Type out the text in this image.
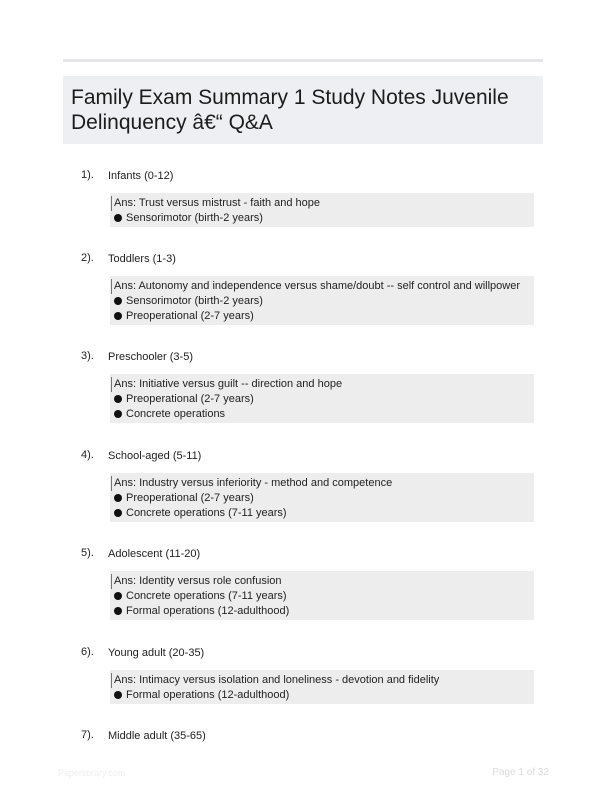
Family Exam Summary 1 Study Notes Juvenile Delinquency â€“ Q&A
1). Infants (0-12)
Ans: Trust versus mistrust - faith and hope
Sensorimotor (birth-2 years)
2). Toddlers (1-3)
Ans: Autonomy and independence versus shame/doubt -- self control and willpower
Sensorimotor (birth-2 years)
Preoperational (2-7 years)
3). Preschooler (3-5)
Ans: Initiative versus guilt -- direction and hope
Preoperational (2-7 years)
Concrete operations
4). School-aged (5-11)
Ans: Industry versus inferiority - method and competence
Preoperational (2-7 years)
Concrete operations (7-11 years)
5). Adolescent (11-20)
Ans: Identity versus role confusion
Concrete operations (7-11 years)
Formal operations (12-adulthood)
6). Young adult (20-35)
Ans: Intimacy versus isolation and loneliness - devotion and fidelity
Formal operations (12-adulthood)
7). Middle adult (35-65)
Paperlibrary.com	Page 1 of 32
